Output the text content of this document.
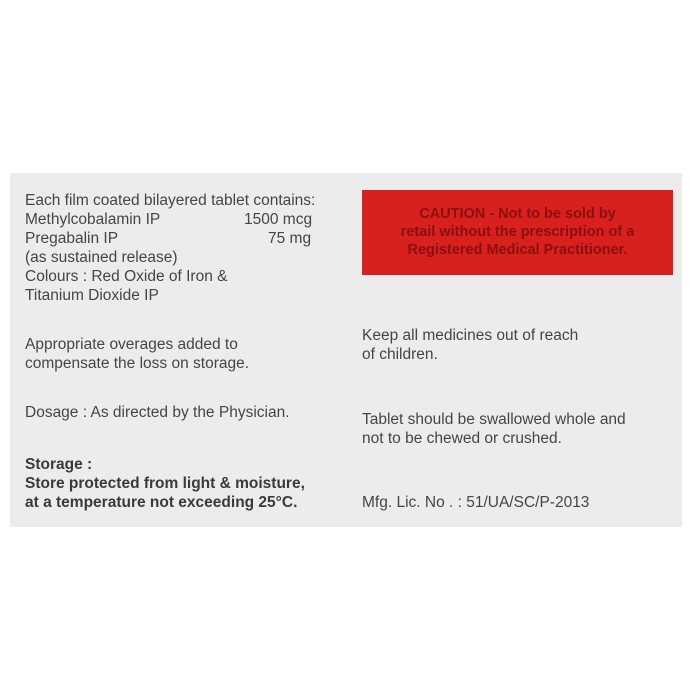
Each film coated bilayered tablet contains:
Methylcobalamin IP	1500 mcg
Pregabalin IP	75 mg
(as sustained release)
Colours : Red Oxide of Iron &
Titanium Dioxide IP
CAUTION - Not to be sold by
retail without the prescription of a
Registered Medical Practitioner.
Appropriate overages added to
compensate the loss on storage.
Keep all medicines out of reach
of children.
Dosage : As directed by the Physician.	Tablet should be swallowed whole and
not to be chewed or crushed.
Storage :
Store protected from light & moisture,
at a temperature not exceeding 25°C.	Mfg. Lic. No . : 51/UA/SC/P-2013
